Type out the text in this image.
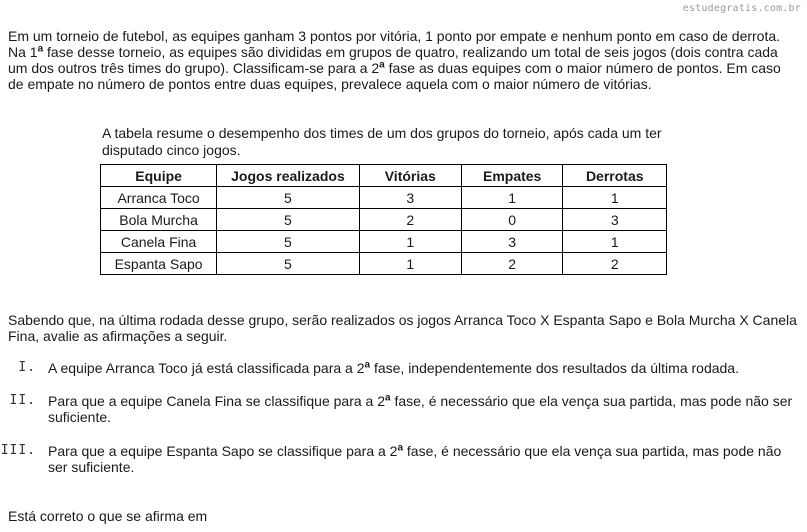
estudegratis.com.br
Em um torneio de futebol, as equipes ganham 3 pontos por vitória, 1 ponto por empate e nenhum ponto em caso de derrota. Na 1$^a$ fase desse torneio, as equipes são divididas em grupos de quatro, realizando um total de seis jogos (dois contra cada um dos outros três times do grupo). Classificam-se para a 2$^a$ fase as duas equipes com o maior número de pontos. Em caso de empate no número de pontos entre duas equipes, prevalece aquela com o maior número de vitórias.
A tabela resume o desempenho dos times de um dos grupos do torneio, após cada um ter disputado cinco jogos.
Equipe	Jogos realizados	Vitórias	Empates	Derrotas
Arranca Toco	5	3	1	1
Bola Murcha	5	2	0	3
Canela Fina	5	1	3	1
Espanta Sapo	5	1	2	2
Sabendo que, na última rodada desse grupo, serão realizados os jogos Arranca Toco X Espanta Sapo e Bola Murcha X Canela Fina, avalie as afirmações a seguir.
I. A equipe Arranca Toco já está classificada para a 2$^a$ fase, independentemente dos resultados da última rodada.
II. Para que a equipe Canela Fina se classifique para a 2$^a$ fase, é necessário que ela vença sua partida, mas pode não ser suficiente.
III. Para que a equipe Espanta Sapo se classifique para a 2$^a$ fase, é necessário que ela vença sua partida, mas pode não ser suficiente.
Está correto o que se afirma em
